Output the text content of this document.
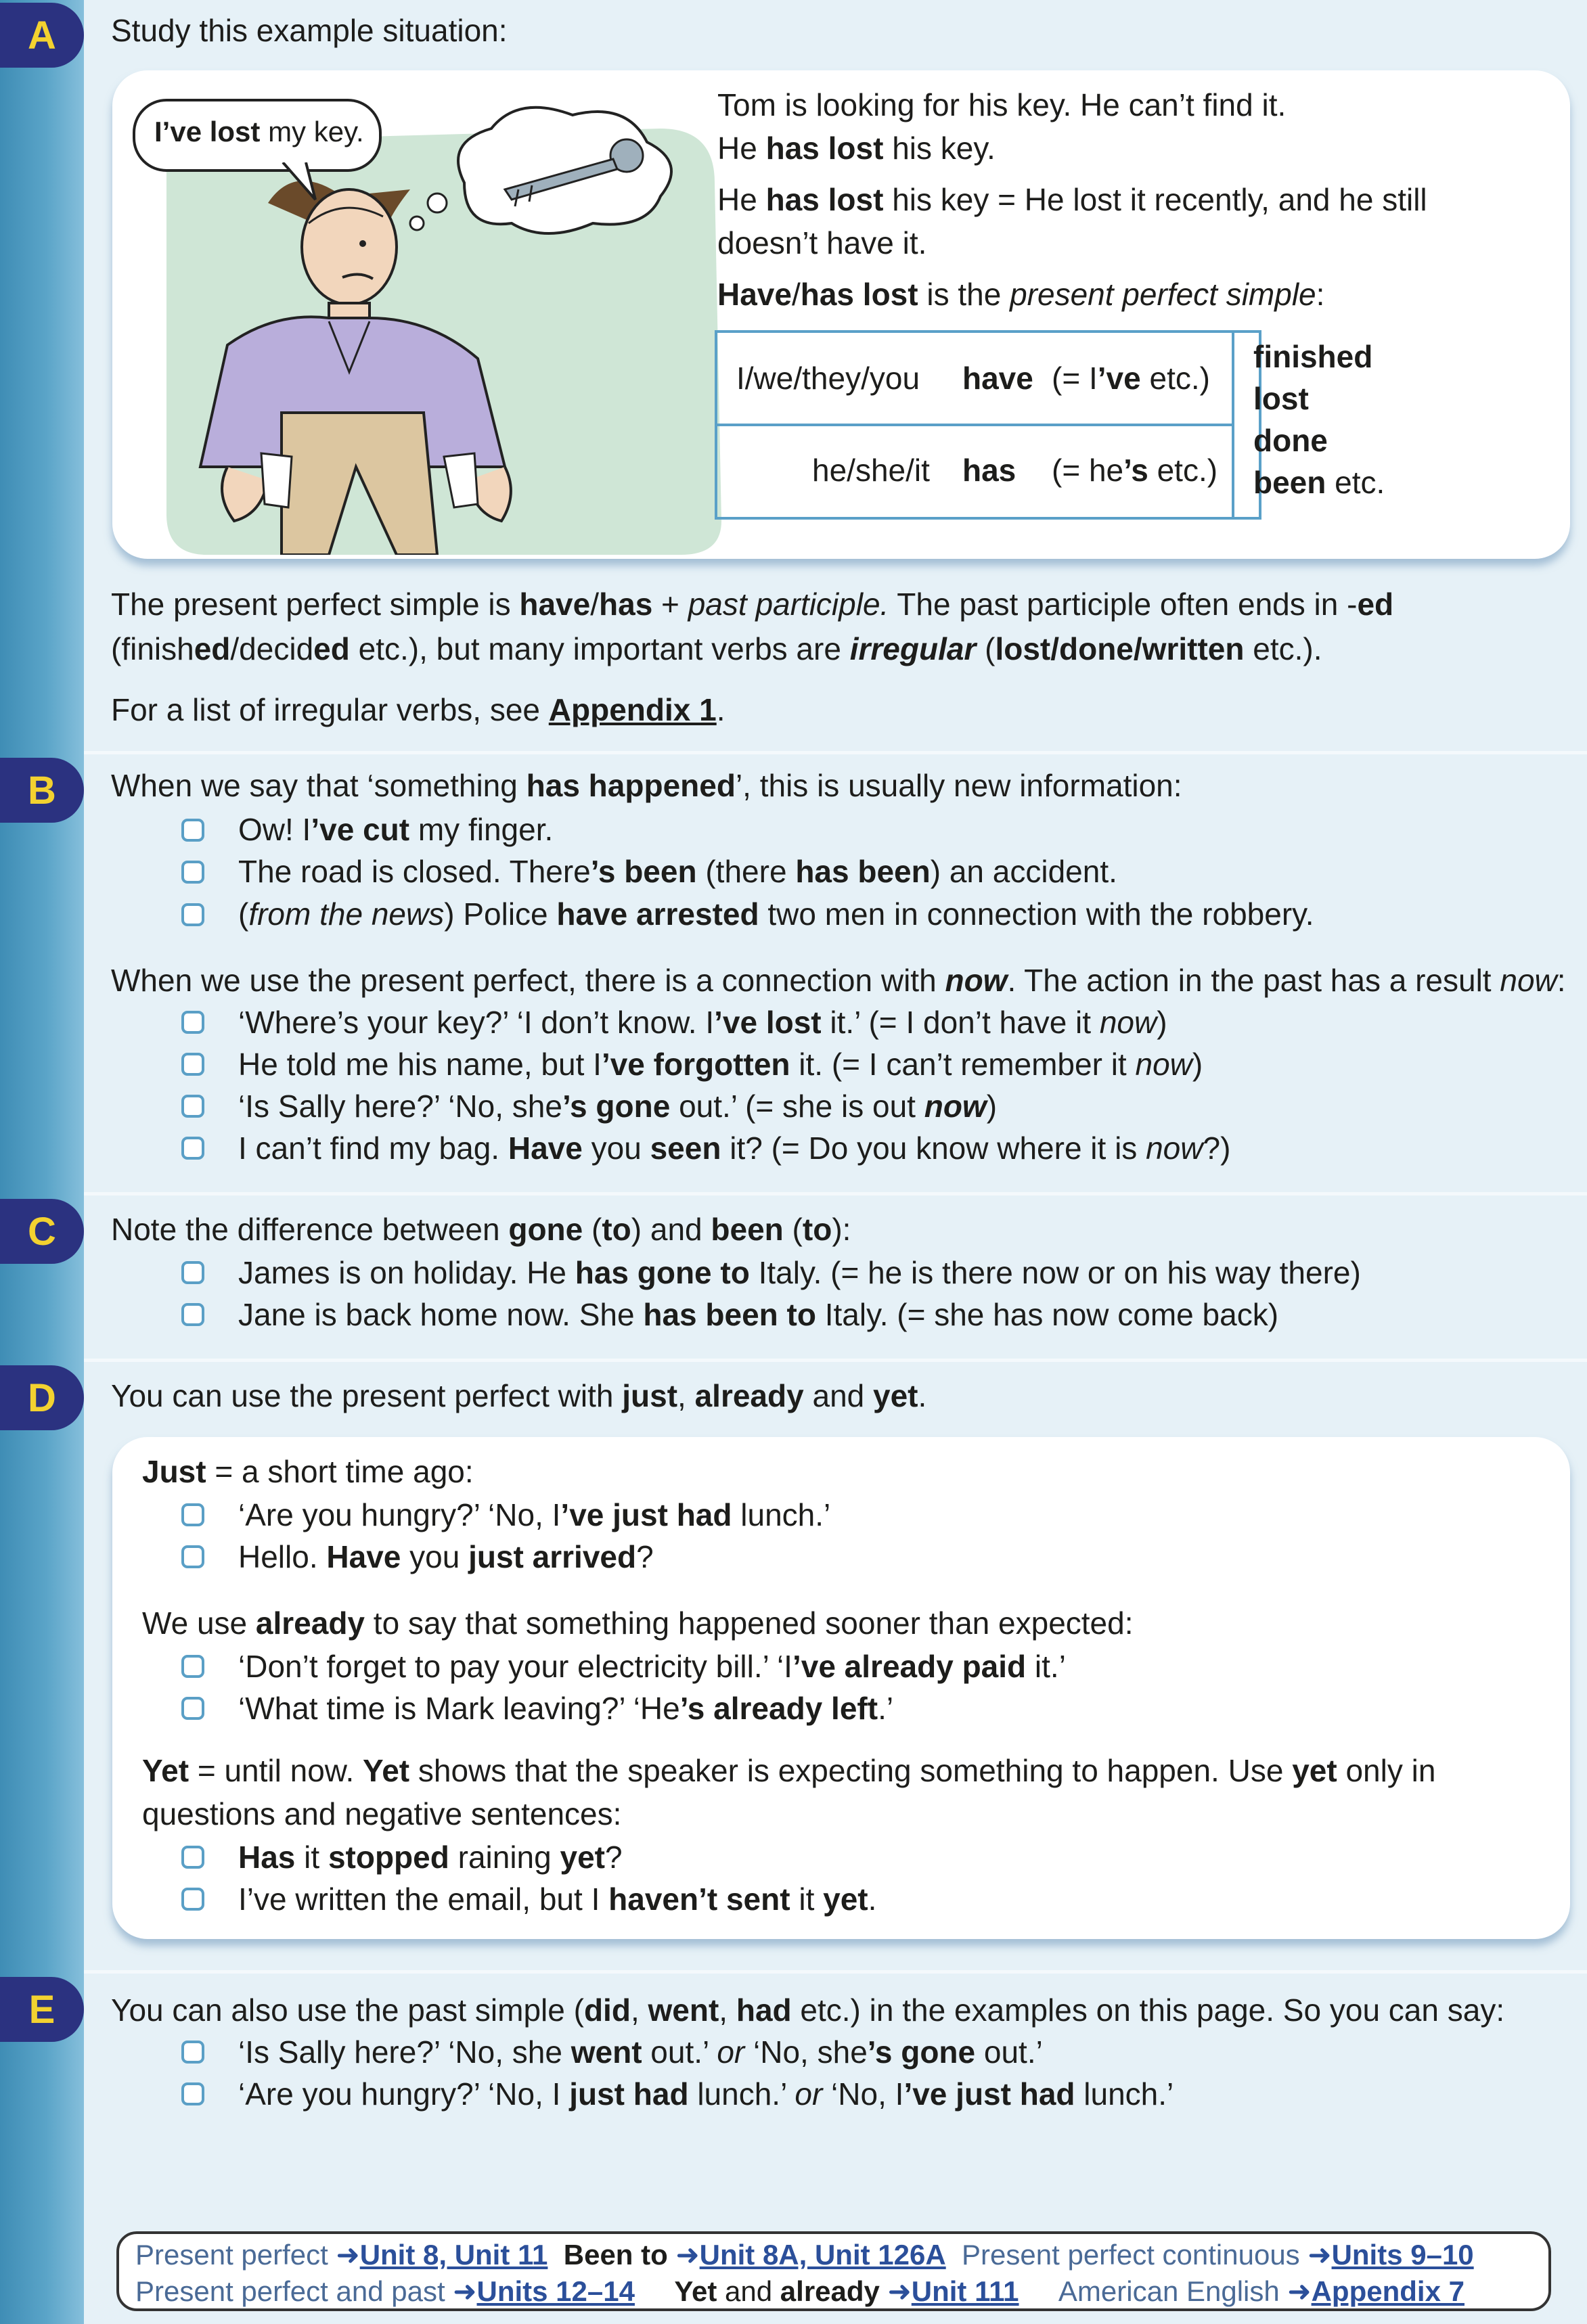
A Study this example situation:
I’ve lost my key.
Tom is looking for his key. He can’t find it.
He has lost his key.
He has lost his key = He lost it recently, and he still
doesn’t have it.
Have/has lost is the present perfect simple:
I/we/they/you have (= I’ve etc.)
he/she/it has (= he’s etc.)
finished
lost
done
been etc.
The present perfect simple is have/has + past participle. The past participle often ends in -ed
(finished/decided etc.), but many important verbs are irregular (lost/done/written etc.).
For a list of irregular verbs, see Appendix 1.
B When we say that ‘something has happened’, this is usually new information:
Ow! I’ve cut my finger.
The road is closed. There’s been (there has been) an accident.
(from the news) Police have arrested two men in connection with the robbery.
When we use the present perfect, there is a connection with now. The action in the past has a result now:
‘Where’s your key?’ ‘I don’t know. I’ve lost it.’ (= I don’t have it now)
He told me his name, but I’ve forgotten it. (= I can’t remember it now)
‘Is Sally here?’ ‘No, she’s gone out.’ (= she is out now)
I can’t find my bag. Have you seen it? (= Do you know where it is now?)
C Note the difference between gone (to) and been (to):
James is on holiday. He has gone to Italy. (= he is there now or on his way there)
Jane is back home now. She has been to Italy. (= she has now come back)
D You can use the present perfect with just, already and yet.
Just = a short time ago:
‘Are you hungry?’ ‘No, I’ve just had lunch.’
Hello. Have you just arrived?
We use already to say that something happened sooner than expected:
‘Don’t forget to pay your electricity bill.’ ‘I’ve already paid it.’
‘What time is Mark leaving?’ ‘He’s already left.’
Yet = until now. Yet shows that the speaker is expecting something to happen. Use yet only in
questions and negative sentences:
Has it stopped raining yet?
I’ve written the email, but I haven’t sent it yet.
E You can also use the past simple (did, went, had etc.) in the examples on this page. So you can say:
‘Is Sally here?’ ‘No, she went out.’ or ‘No, she’s gone out.’
‘Are you hungry?’ ‘No, I just had lunch.’ or ‘No, I’ve just had lunch.’
Present perfect ➜Unit 8, Unit 11 Been to ➜Unit 8A, Unit 126A Present perfect continuous ➜Units 9–10
Present perfect and past ➜Units 12–14 Yet and already ➜Unit 111 American English ➜Appendix 7
